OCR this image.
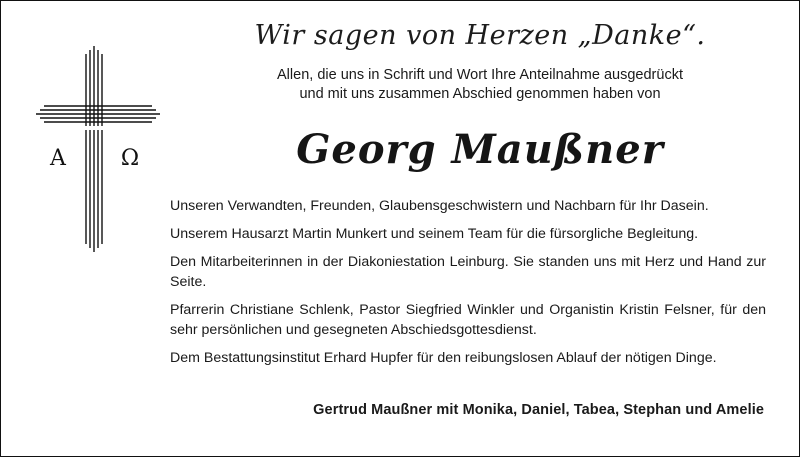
Α Ω
Wir sagen von Herzen „Danke“.
Allen, die uns in Schrift und Wort Ihre Anteilnahme ausgedrückt
und mit uns zusammen Abschied genommen haben von
Georg Maußner

Unseren Verwandten, Freunden, Glaubensgeschwistern und Nachbarn für Ihr Dasein.

Unserem Hausarzt Martin Munkert und seinem Team für die fürsorgliche Begleitung.

Den Mitarbeiterinnen in der Diakoniestation Leinburg. Sie standen uns mit Herz und Hand zur Seite.

Pfarrerin Christiane Schlenk, Pastor Siegfried Winkler und Organistin Kristin Felsner, für den sehr persönlichen und gesegneten Abschiedsgottesdienst.

Dem Bestattungsinstitut Erhard Hupfer für den reibungslosen Ablauf der nötigen Dinge.

Gertrud Maußner mit Monika, Daniel, Tabea, Stephan und Amelie
